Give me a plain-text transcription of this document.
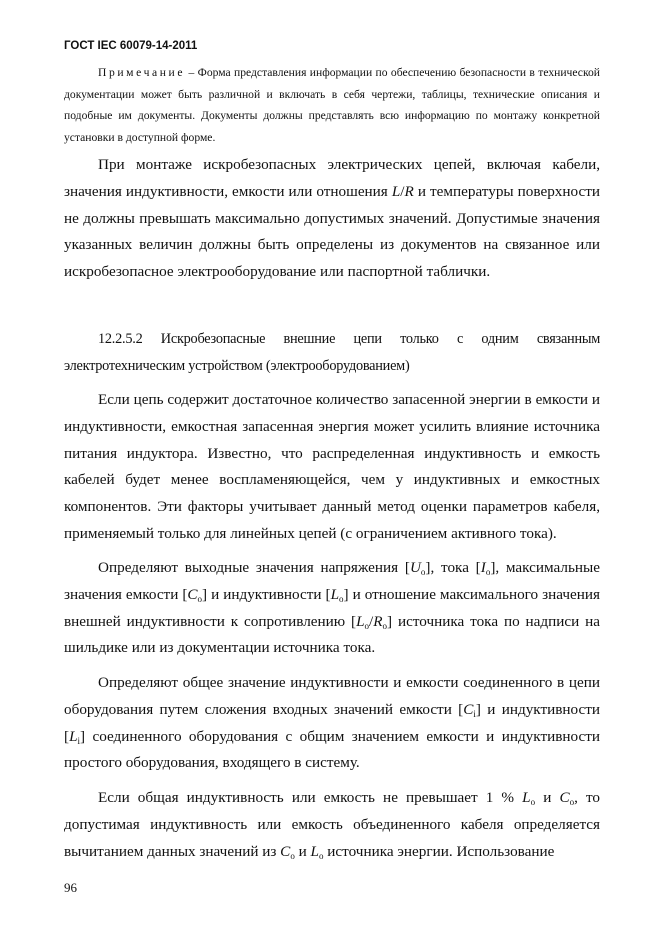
ГОСТ IEC 60079-14-2011
Примечание – Форма представления информации по обеспечению безопасности в технической документации может быть различной и включать в себя чертежи, таблицы, технические описания и подобные им документы. Документы должны представлять всю информацию по монтажу конкретной установки в доступной форме.
При монтаже искробезопасных электрических цепей, включая кабели, значения индуктивности, емкости или отношения L/R и температуры поверхности не должны превышать максимально допустимых значений. Допустимые значения указанных величин должны быть определены из документов на связанное или искробезопасное электрооборудование или паспортной таблички.
12.2.5.2 Искробезопасные внешние цепи только с одним связанным электротехническим устройством (электрооборудованием)
Если цепь содержит достаточное количество запасенной энергии в емкости и индуктивности, емкостная запасенная энергия может усилить влияние источника питания индуктора. Известно, что распределенная индуктивность и емкость кабелей будет менее воспламеняющейся, чем у индуктивных и емкостных компонентов. Эти факторы учитывает данный метод оценки параметров кабеля, применяемый только для линейных цепей (с ограничением активного тока).
Определяют выходные значения напряжения $[U_o]$, тока $[I_o]$, максимальные значения емкости $[C_o]$ и индуктивности $[L_o]$ и отношение максимального значения внешней индуктивности к сопротивлению $[L_o/R_o]$ источника тока по надписи на шильдике или из документации источника тока.
Определяют общее значение индуктивности и емкости соединенного в цепи оборудования путем сложения входных значений емкости $[C_i]$ и индуктивности $[L_i]$ соединенного оборудования с общим значением емкости и индуктивности простого оборудования, входящего в систему.
Если общая индуктивность или емкость не превышает 1 % $L_o$ и $C_o$, то допустимая индуктивность или емкость объединенного кабеля определяется вычитанием данных значений из $C_o$ и $L_o$ источника энергии. Использование
96
